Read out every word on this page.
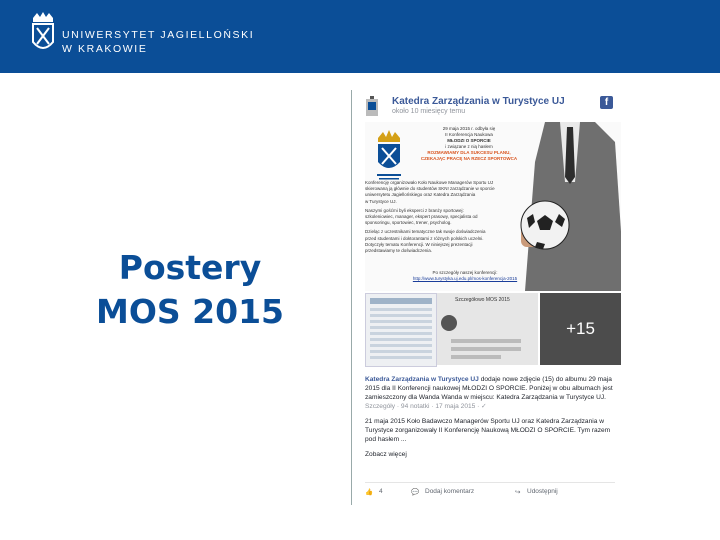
UNIWERSYTET JAGIELLOŃSKI
W KRAKOWIE
Postery
MOS 2015
Katedra Zarządzania w Turystyce UJ
około 10 miesięcy temu
f
29 maja 2015 r. odbyła się
II Konferencja Naukowa
MŁODZI O SPORCIE
i związane z nią hasłem
ROZMAWIAMY DLA SUKCESU PLANU,
CZEKAJĄC PRACĘ NA RZECZ SPORTOWCA
Konferencję organizowało Koło Naukowe Managerów Sportu UJ
skierowaną ją głównie do studentów SKN! zarządzanie w sporcie
uniwersytetu Jagiellońskiego oraz Katedra Zarządzania
w Turystyce UJ.
Naszymi gośćmi byli eksperci z branży sportowej:
szkoleniowiec, manager, ekspert prasowy, specjalista od
sponsoringu, sportowiec, trener, psycholog.
Dzieląc z uczestnikami tematyczne tak swoje doświadczenia
przed studentami i doktorantami z różnych polskich uczelni.
Dotyczyły tematu Konferencji. W niniejszej prezentacji
przedstawiamy te doświadczenia.
Po szczegóły naszej konferencji:
http://www.turystyka.uj.edu.pl/mos-konferencja-2015
Szczegółowo MOS 2015
+15
Katedra Zarządzania w Turystyce UJ dodaje nowe zdjęcie (15) do albumu 29 maja 2015 dla II Konferencji naukowej MŁODZI O SPORCIE. Poniżej w obu albumach jest zamieszczony dla Wanda Wanda w miejscu: Katedra Zarządzania w Turystyce UJ.
Szczegóły · 94 notatki · 17 maja 2015 · ✓
21 maja 2015 Koło Badawczo Managerów Sportu UJ oraz Katedra Zarządzania w Turystyce zorganizowały II Konferencję Naukową MŁODZI O SPORCIE. Tym razem pod hasłem ...
Zobacz więcej
👍 4	💬 Dodaj komentarz	↪ Udostępnij
